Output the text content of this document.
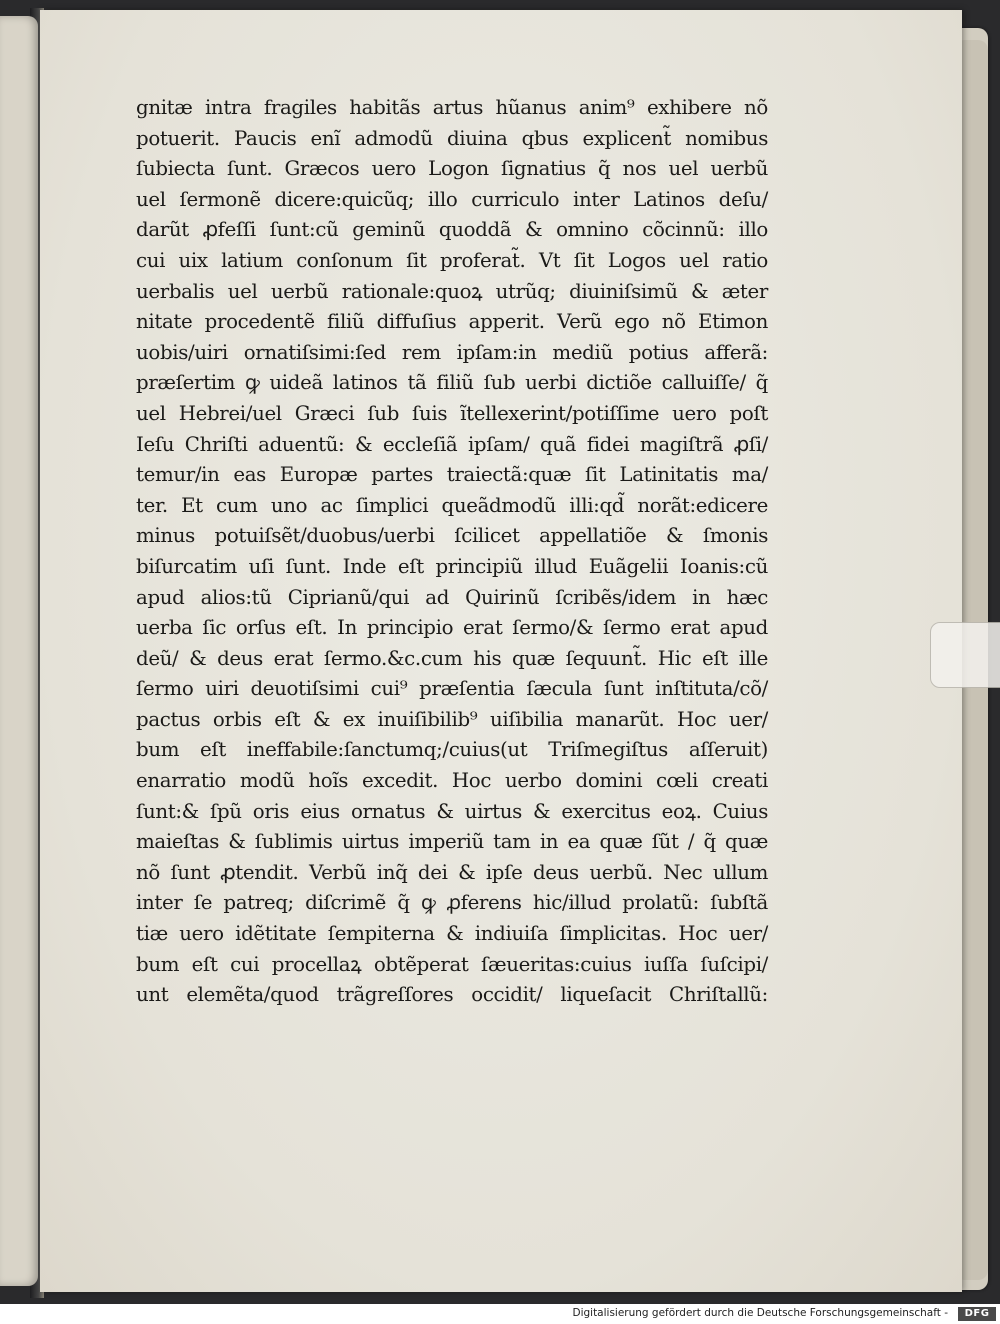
gnitæ intra fragiles habitãs artus hũanus anim⁹ exhibere nõ
potuerit. Paucis enĩ admodũ diuina qbus explicent̃ nomibus
ſubiecta ſunt. Græcos uero Logon ſignatius q̃ nos uel uerbũ
uel ſermonẽ dicere:quicũq; illo curriculo inter Latinos deſu/
darũt ꝓfeſſi ſunt:cũ geminũ quoddã & omnino cõcinnũ: illo
cui uix latium conſonum ſit proferat̃. Vt ſit Logos uel ratio
uerbalis uel uerbũ rationale:quoꝝ utrũq; diuiniſsimũ & æter
nitate procedentẽ filiũ diffuſius apperit. Verũ ego nõ Etimon
uobis/uiri ornatiſsimi:ſed rem ipſam:in mediũ potius afferã:
præſertim ꝙ uideã latinos tã filiũ ſub uerbi dictiõe calluiſſe/ q̃
uel Hebrei/uel Græci ſub ſuis ĩtellexerint/potiſſime uero poſt
Ieſu Chriſti aduentũ: & eccleſiã ipſam/ quã fidei magiſtrã ꝓſi/
temur/in eas Europæ partes traiectã:quæ ſit Latinitatis ma/
ter. Et cum uno ac ſimplici queãdmodũ illi:qd̃ norãt:edicere
minus potuiſsẽt/duobus/uerbi ſcilicet appellatiõe & ſmonis
biſurcatim uſi ſunt. Inde eſt principiũ illud Euãgelii Ioanis:cũ
apud alios:tũ Ciprianũ/qui ad Quirinũ ſcribẽs/idem in hæc
uerba ſic orſus eſt. In principio erat ſermo/& ſermo erat apud
deũ/ & deus erat ſermo.&c.cum his quæ ſequunt̃. Hic eſt ille
ſermo uiri deuotiſsimi cui⁹ præſentia ſæcula ſunt inſtituta/cõ/
pactus orbis eſt & ex inuiſibilib⁹ uiſibilia manarũt. Hoc uer/
bum eſt ineffabile:ſanctumq;/cuius(ut Triſmegiſtus aſſeruit)
enarratio modũ hoĩs excedit. Hoc uerbo domini cœli creati
ſunt:& ſpũ oris eius ornatus & uirtus & exercitus eoꝝ. Cuius
maieſtas & ſublimis uirtus imperiũ tam in ea quæ ſũt / q̃ quæ
nõ ſunt ꝓtendit. Verbũ inq̃ dei & ipſe deus uerbũ. Nec ullum
inter ſe patreq; diſcrimẽ q̃ ꝙ ꝓferens hic/illud prolatũ: ſubſtã
tiæ uero idẽtitate ſempiterna & indiuiſa ſimplicitas. Hoc uer/
bum eſt cui procellaꝝ obtẽperat ſæueritas:cuius iuſſa ſuſcipi/
unt elemẽta/quod trãgreſſores occidit/ liqueſacit Chriſtallũ:
Digitalisierung gefördert durch die Deutsche Forschungsgemeinschaft -	DFG
